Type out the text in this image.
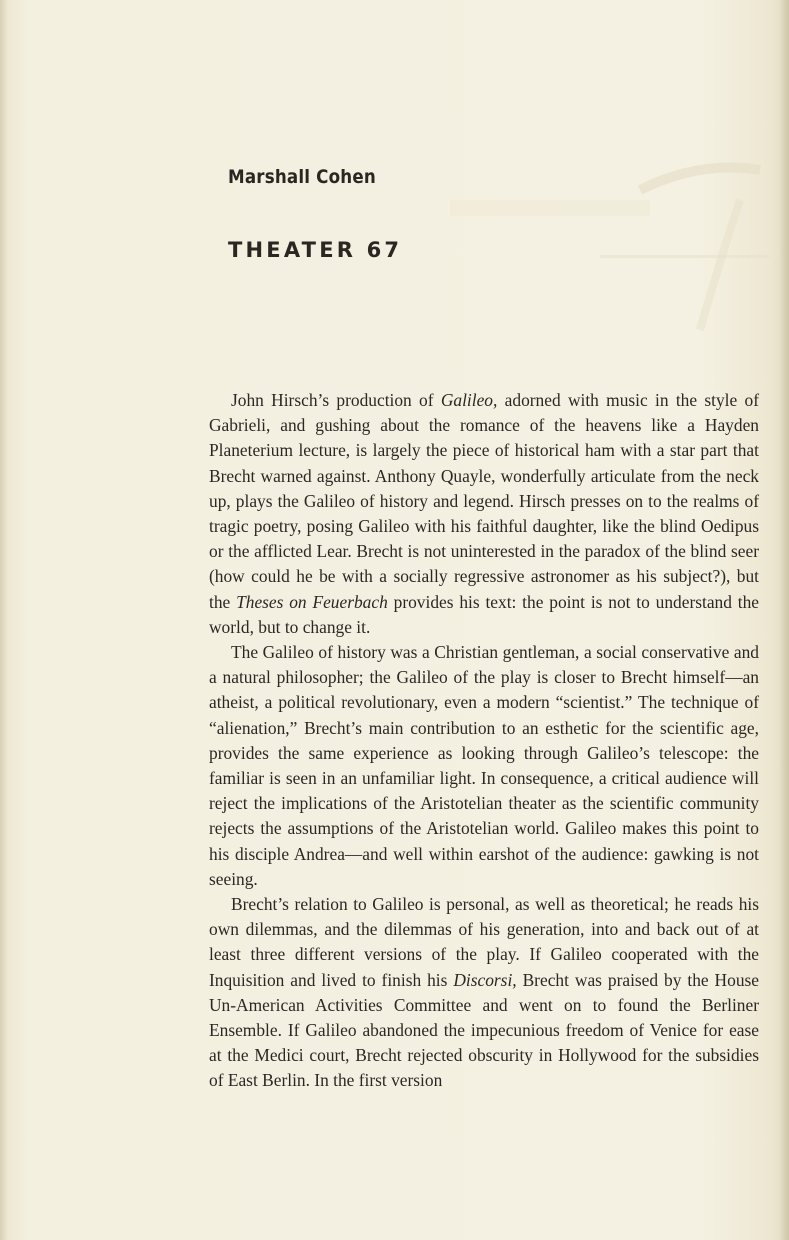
Marshall Cohen
THEATER 67

John Hirsch’s production of Galileo, adorned with music in the style of Gabrieli, and gushing about the romance of the heavens like a Hayden Planeterium lecture, is largely the piece of historical ham with a star part that Brecht warned against. Anthony Quayle, wonderfully articulate from the neck up, plays the Galileo of history and legend. Hirsch presses on to the realms of tragic poetry, posing Galileo with his faithful daughter, like the blind Oedipus or the afflicted Lear. Brecht is not uninterested in the paradox of the blind seer (how could he be with a socially regressive astronomer as his subject?), but the Theses on Feuerbach provides his text: the point is not to understand the world, but to change it.

The Galileo of history was a Christian gentleman, a social conservative and a natural philosopher; the Galileo of the play is closer to Brecht himself—an atheist, a political revolutionary, even a modern “scientist.” The technique of “alienation,” Brecht’s main contribution to an esthetic for the scientific age, provides the same experience as looking through Galileo’s telescope: the familiar is seen in an unfamiliar light. In consequence, a critical audience will reject the implications of the Aristotelian theater as the scientific community rejects the assumptions of the Aristotelian world. Galileo makes this point to his disciple Andrea—and well within earshot of the audience: gawking is not seeing.

Brecht’s relation to Galileo is personal, as well as theoretical; he reads his own dilemmas, and the dilemmas of his generation, into and back out of at least three different versions of the play. If Galileo cooperated with the Inquisition and lived to finish his Discorsi, Brecht was praised by the House Un-American Activities Committee and went on to found the Berliner Ensemble. If Galileo abandoned the impecunious freedom of Venice for ease at the Medici court, Brecht rejected obscurity in Hollywood for the subsidies of East Berlin. In the first version
